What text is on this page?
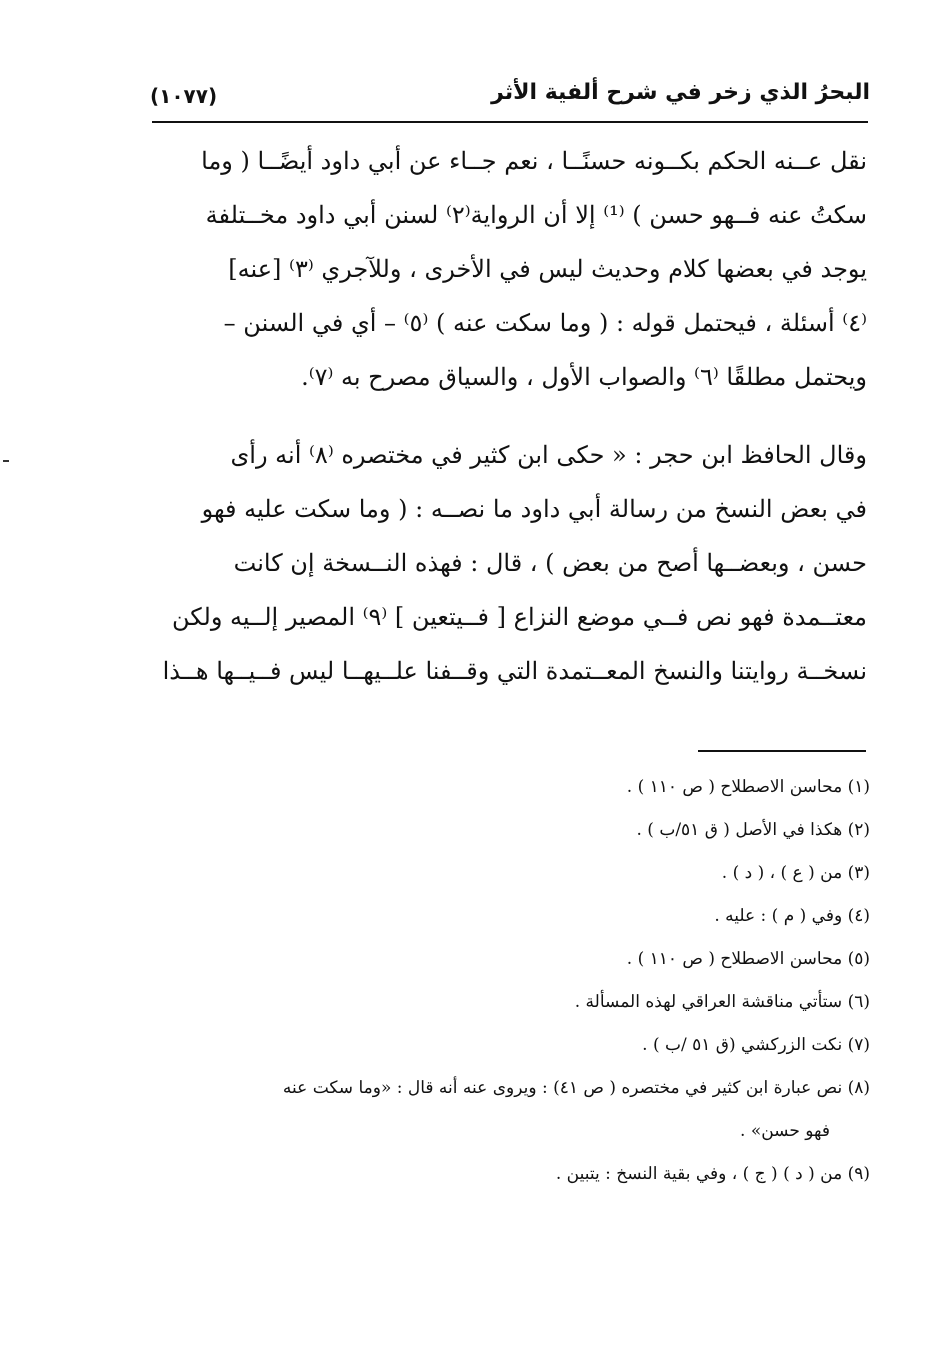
البحرُ الذي زخر في شرح ألفية الأثر
(١٠٧٧)
نقل عــنه الحكم بكــونه حسنًــا ، نعم جــاء عن أبي داود أيضًــا ( وما
سكتُ عنه فــهو حسن ) ⁽¹⁾ إلا أن الرواية⁽٢⁾ لسنن أبي داود مخــتلفة
يوجد في بعضها كلام وحديث ليس في الأخرى ، وللآجري ⁽٣⁾ [عنه]
⁽٤⁾ أسئلة ، فيحتمل قوله : ( وما سكت عنه ) ⁽٥⁾ – أي في السنن –
ويحتمل مطلقًا ⁽٦⁾ والصواب الأول ، والسياق مصرح به ⁽٧⁾.
وقال الحافظ ابن حجر : « حكى ابن كثير في مختصره ⁽٨⁾ أنه رأى
في بعض النسخ من رسالة أبي داود ما نصــه : ( وما سكت عليه فهو
حسن ، وبعضــها أصح من بعض ) ، قال : فهذه النــسخة إن كانت
معتــمدة فهو نص فــي موضع النزاع [ فــيتعين ] ⁽٩⁾ المصير إلــيه ولكن
نسخــة روايتنا والنسخ المعــتمدة التي وقــفنا علــيهــا ليس فــيــها هــذا
(١) محاسن الاصطلاح ( ص ١١٠ ) .
(٢) هكذا في الأصل ( ق ٥١/ب ) .
(٣) من ( ع ) ، ( د ) .
(٤) وفي ( م ) : عليه .
(٥) محاسن الاصطلاح ( ص ١١٠ ) .
(٦) ستأتي مناقشة العراقي لهذه المسألة .
(٧) نكت الزركشي (ق ٥١ /ب ) .
(٨) نص عبارة ابن كثير في مختصره ( ص ٤١) : ويروى عنه أنه قال : «وما سكت عنه
فهو حسن» .
(٩) من ( د ) ( ج ) ، وفي بقية النسخ : يتبين .
